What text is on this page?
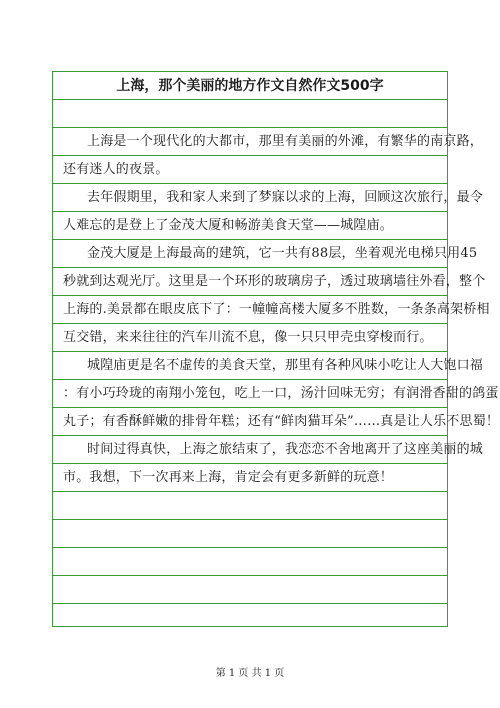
上海，那个美丽的地方作文自然作文500字
上海是一个现代化的大都市，那里有美丽的外滩，有繁华的南京路，
还有迷人的夜景。
去年假期里，我和家人来到了梦寐以求的上海，回顾这次旅行，最令
人难忘的是登上了金茂大厦和畅游美食天堂——城隍庙。
金茂大厦是上海最高的建筑，它一共有88层，坐着观光电梯只用45
秒就到达观光厅。这里是一个环形的玻璃房子，透过玻璃墙往外看，整个
上海的.美景都在眼皮底下了：一幢幢高楼大厦多不胜数，一条条高架桥相
互交错，来来往往的汽车川流不息，像一只只甲壳虫穿梭而行。
城隍庙更是名不虚传的美食天堂，那里有各种风味小吃让人大饱口福
：有小巧玲珑的南翔小笼包，吃上一口，汤汁回味无穷；有润滑香甜的鸽蛋
丸子；有香酥鲜嫩的排骨年糕；还有“鲜肉猫耳朵”……真是让人乐不思蜀！
时间过得真快，上海之旅结束了，我恋恋不舍地离开了这座美丽的城
市。我想，下一次再来上海，肯定会有更多新鲜的玩意！
第 1 页 共 1 页
